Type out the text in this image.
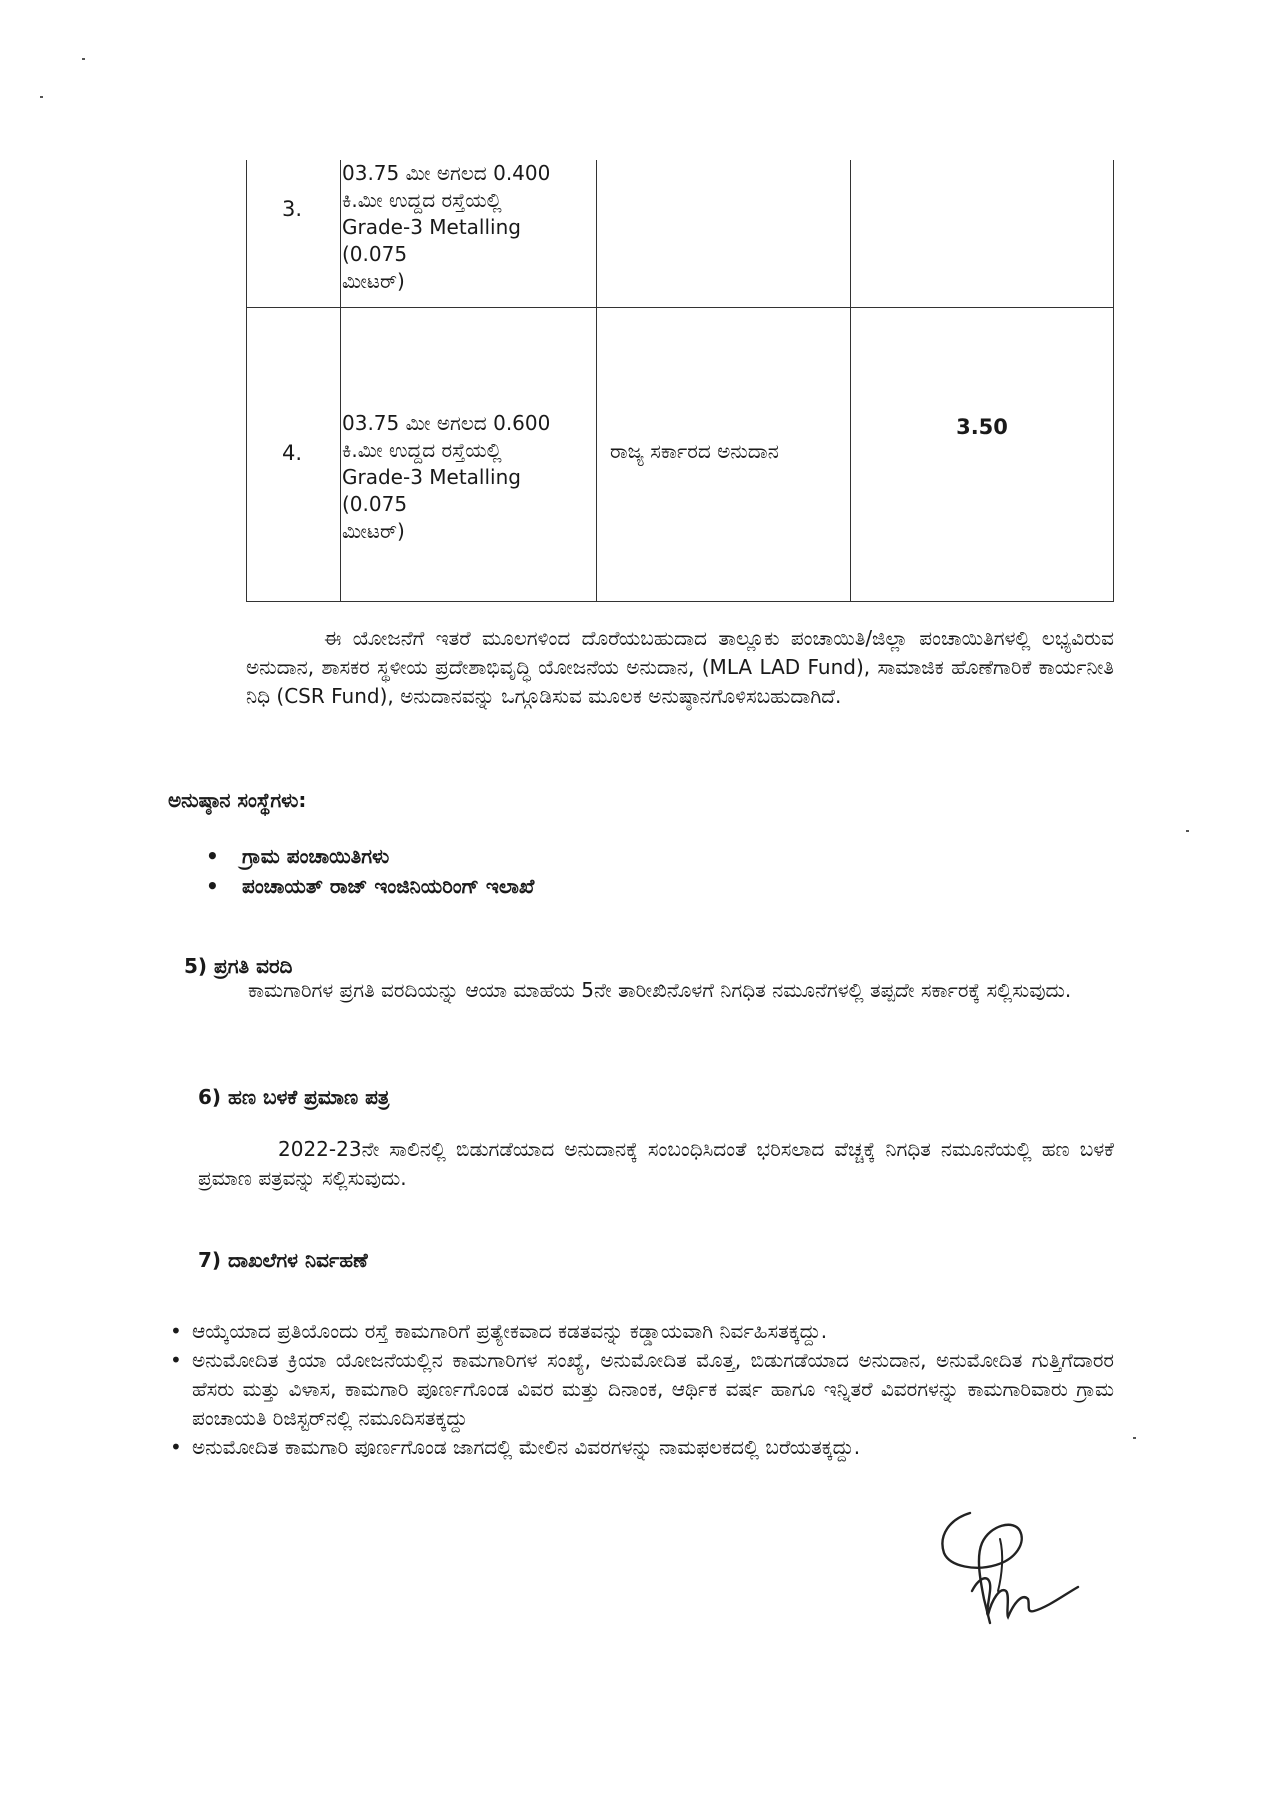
3.
03.75 ಮೀ ಅಗಲದ 0.400
ಕಿ.ಮೀ ಉದ್ದದ ರಸ್ತೆಯಲ್ಲಿ
Grade-3 Metalling (0.075
ಮೀಟರ್)
4.
03.75 ಮೀ ಅಗಲದ 0.600
ಕಿ.ಮೀ ಉದ್ದದ ರಸ್ತೆಯಲ್ಲಿ
Grade-3 Metalling (0.075
ಮೀಟರ್)
ರಾಜ್ಯ ಸರ್ಕಾರದ ಅನುದಾನ
3.50
ಈ ಯೋಜನೆಗೆ ಇತರೆ ಮೂಲಗಳಿಂದ ದೊರೆಯಬಹುದಾದ ತಾಲ್ಲೂಕು ಪಂಚಾಯಿತಿ/ಜಿಲ್ಲಾ ಪಂಚಾಯಿತಿಗಳಲ್ಲಿ ಲಭ್ಯವಿರುವ ಅನುದಾನ, ಶಾಸಕರ ಸ್ಥಳೀಯ ಪ್ರದೇಶಾಭಿವೃದ್ಧಿ ಯೋಜನೆಯ ಅನುದಾನ, (MLA LAD Fund), ಸಾಮಾಜಿಕ ಹೊಣೆಗಾರಿಕೆ ಕಾರ್ಯನೀತಿ ನಿಧಿ (CSR Fund), ಅನುದಾನವನ್ನು ಒಗ್ಗೂಡಿಸುವ ಮೂಲಕ ಅನುಷ್ಠಾನಗೊಳಿಸಬಹುದಾಗಿದೆ.
ಅನುಷ್ಠಾನ ಸಂಸ್ಥೆಗಳು:
• ಗ್ರಾಮ ಪಂಚಾಯಿತಿಗಳು
• ಪಂಚಾಯತ್ ರಾಜ್ ಇಂಜಿನಿಯರಿಂಗ್ ಇಲಾಖೆ
5) ಪ್ರಗತಿ ವರದಿ
ಕಾಮಗಾರಿಗಳ ಪ್ರಗತಿ ವರದಿಯನ್ನು ಆಯಾ ಮಾಹೆಯ 5ನೇ ತಾರೀಖಿನೊಳಗೆ ನಿಗಧಿತ ನಮೂನೆಗಳಲ್ಲಿ ತಪ್ಪದೇ ಸರ್ಕಾರಕ್ಕೆ ಸಲ್ಲಿಸುವುದು.
6) ಹಣ ಬಳಕೆ ಪ್ರಮಾಣ ಪತ್ರ
2022-23ನೇ ಸಾಲಿನಲ್ಲಿ ಬಿಡುಗಡೆಯಾದ ಅನುದಾನಕ್ಕೆ ಸಂಬಂಧಿಸಿದಂತೆ ಭರಿಸಲಾದ ವೆಚ್ಚಕ್ಕೆ ನಿಗಧಿತ ನಮೂನೆಯಲ್ಲಿ ಹಣ ಬಳಕೆ ಪ್ರಮಾಣ ಪತ್ರವನ್ನು ಸಲ್ಲಿಸುವುದು.
7) ದಾಖಲೆಗಳ ನಿರ್ವಹಣೆ
• ಆಯ್ಕೆಯಾದ ಪ್ರತಿಯೊಂದು ರಸ್ತೆ ಕಾಮಗಾರಿಗೆ ಪ್ರತ್ಯೇಕವಾದ ಕಡತವನ್ನು ಕಡ್ಡಾಯವಾಗಿ ನಿರ್ವಹಿಸತಕ್ಕದ್ದು.
• ಅನುಮೋದಿತ ಕ್ರಿಯಾ ಯೋಜನೆಯಲ್ಲಿನ ಕಾಮಗಾರಿಗಳ ಸಂಖ್ಯೆ, ಅನುಮೋದಿತ ಮೊತ್ತ, ಬಿಡುಗಡೆಯಾದ ಅನುದಾನ, ಅನುಮೋದಿತ ಗುತ್ತಿಗೆದಾರರ ಹೆಸರು ಮತ್ತು ವಿಳಾಸ, ಕಾಮಗಾರಿ ಪೂರ್ಣಗೊಂಡ ವಿವರ ಮತ್ತು ದಿನಾಂಕ, ಆರ್ಥಿಕ ವರ್ಷ ಹಾಗೂ ಇನ್ನಿತರೆ ವಿವರಗಳನ್ನು ಕಾಮಗಾರಿವಾರು ಗ್ರಾಮ ಪಂಚಾಯತಿ ರಿಜಿಸ್ಟರ್‌ನಲ್ಲಿ ನಮೂದಿಸತಕ್ಕದ್ದು
• ಅನುಮೋದಿತ ಕಾಮಗಾರಿ ಪೂರ್ಣಗೊಂಡ ಜಾಗದಲ್ಲಿ ಮೇಲಿನ ವಿವರಗಳನ್ನು ನಾಮಫಲಕದಲ್ಲಿ ಬರೆಯತಕ್ಕದ್ದು.
